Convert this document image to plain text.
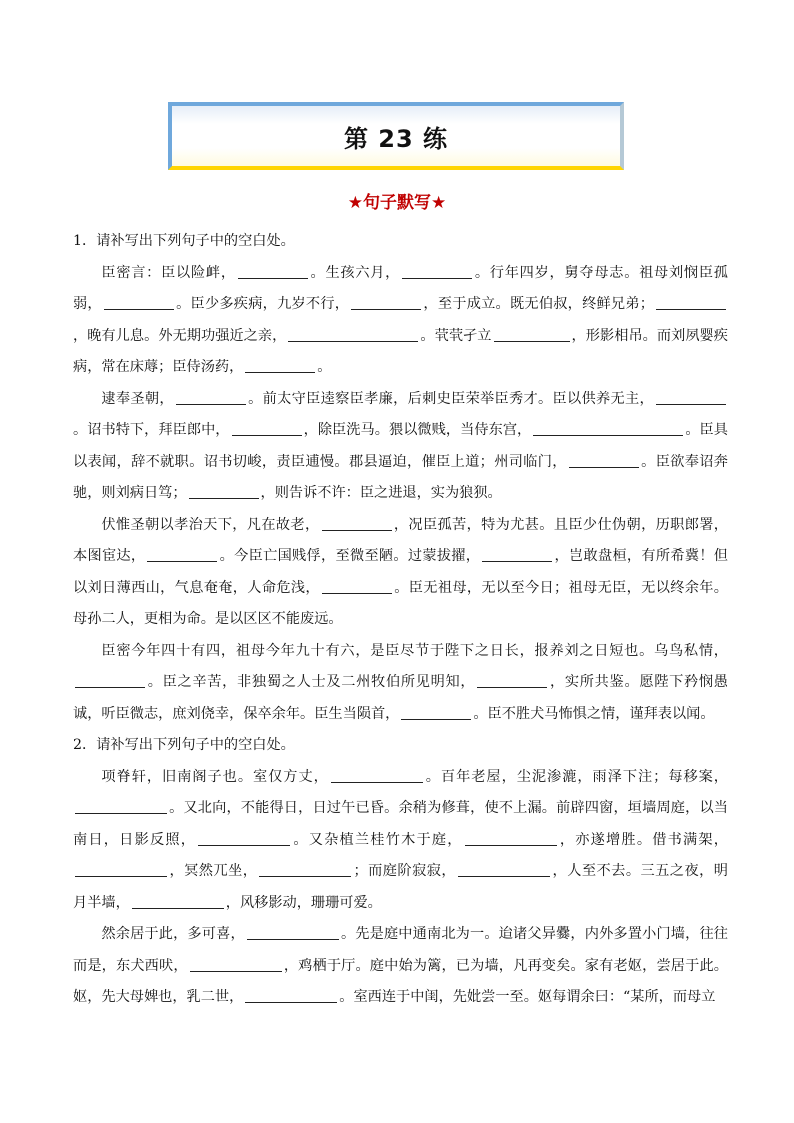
第 23 练
★句子默写★

1．请补写出下列句子中的空白处。

臣密言：臣以险衅，	。生孩六月，	。行年四岁，舅夺母志。祖母刘悯臣孤弱，	。臣少多疾病，九岁不行，	，至于成立。既无伯叔，终鲜兄弟；，晚有儿息。外无期功强近之亲，	。茕茕孑立	，形影相吊。而刘夙婴疾病，常在床蓐；臣侍汤药，	。

逮奉圣朝，	。前太守臣逵察臣孝廉，后刺史臣荣举臣秀才。臣以供养无主，。诏书特下，拜臣郎中，	，除臣洗马。猥以微贱，当侍东宫，	。臣具以表闻，辞不就职。诏书切峻，责臣逋慢。郡县逼迫，催臣上道；州司临门，	。臣欲奉诏奔驰，则刘病日笃；	，则告诉不许：臣之进退，实为狼狈。

伏惟圣朝以孝治天下，凡在故老，	，况臣孤苦，特为尤甚。且臣少仕伪朝，历职郎署，本图宦达，	。今臣亡国贱俘，至微至陋。过蒙拔擢，	，岂敢盘桓，有所希冀！但以刘日薄西山，气息奄奄，人命危浅，	。臣无祖母，无以至今日；祖母无臣，无以终余年。母孙二人，更相为命。是以区区不能废远。

臣密今年四十有四，祖母今年九十有六，是臣尽节于陛下之日长，报养刘之日短也。乌鸟私情，。臣之辛苦，非独蜀之人士及二州牧伯所见明知，	，实所共鉴。愿陛下矜悯愚诚，听臣微志，庶刘侥幸，保卒余年。臣生当陨首，	。臣不胜犬马怖惧之情，谨拜表以闻。

2．请补写出下列句子中的空白处。

项脊轩，旧南阁子也。室仅方丈，	。百年老屋，尘泥渗漉，雨泽下注；每移案，。又北向，不能得日，日过午已昏。余稍为修葺，使不上漏。前辟四窗，垣墙周庭，以当南日，日影反照，	。又杂植兰桂竹木于庭，	，亦遂增胜。借书满架，，冥然兀坐，	；而庭阶寂寂，	，人至不去。三五之夜，明月半墙，	，风移影动，珊珊可爱。

然余居于此，多可喜，	。先是庭中通南北为一。迨诸父异爨，内外多置小门墙，往往而是，东犬西吠，	，鸡栖于厅。庭中始为篱，已为墙，凡再变矣。家有老妪，尝居于此。妪，先大母婢也，乳二世，	。室西连于中闺，先妣尝一至。妪每谓余曰：“某所，而母立
